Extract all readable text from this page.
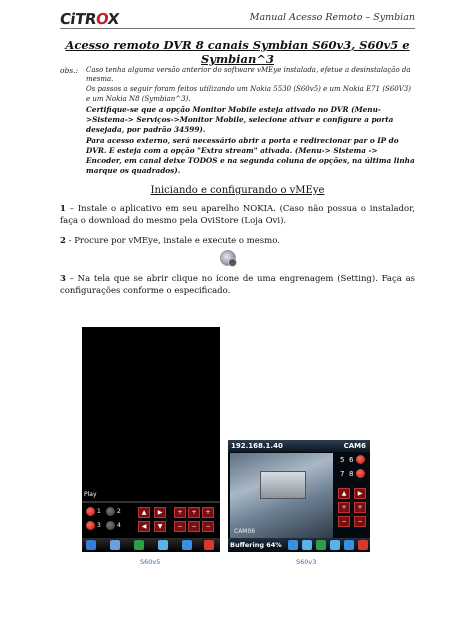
CiTROX	Manual Acesso Remoto – Symbian
Acesso remoto DVR 8 canais Symbian S60v3, S60v5 e Symbian^3
obs.: Caso tenha alguma versão anterior do software vMEye instalada, efetue a desinstalação da mesma.

Os passos a seguir foram feitos utilizando um Nokia 5530 (S60v5) e um Nokia E71 (S60V3) e um Nokia N8 (Symbian^3).

Certifique-se que a opção Monitor Mobile esteja ativado no DVR (Menu->Sistema-> Serviços->Monitor Mobile, selecione ativar e configure a porta desejada, por padrão 34599).

Para acesso externo, será necessário abrir a porta e redirecionar par o IP do DVR. E esteja com a opção "Extra stream" ativada. (Menu-> Sistema -> Encoder, em canal deixe TODOS e na segunda coluna de opções, na última linha marque os quadrados).

Iniciando e configurando o vMEye
1 – Instale o aplicativo em seu aparelho NOKIA. (Caso não possua o instalador, faça o download do mesmo pela OviStore (Loja Ovi).
2 - Procure por vMEye, instale e execute o mesmo.
3 – Na tela que se abrir clique no ícone de uma engrenagem (Setting). Faça as configurações conforme o especificado.
Play
1	2
3	4
▲	▶
◀	▼
+	+	+
−	−	−
192.168.1.40	CAM6
CAM06
5 6
7 8
▲	▶
+	+
−	−
Buffering 64%
S60v5	S60v3
